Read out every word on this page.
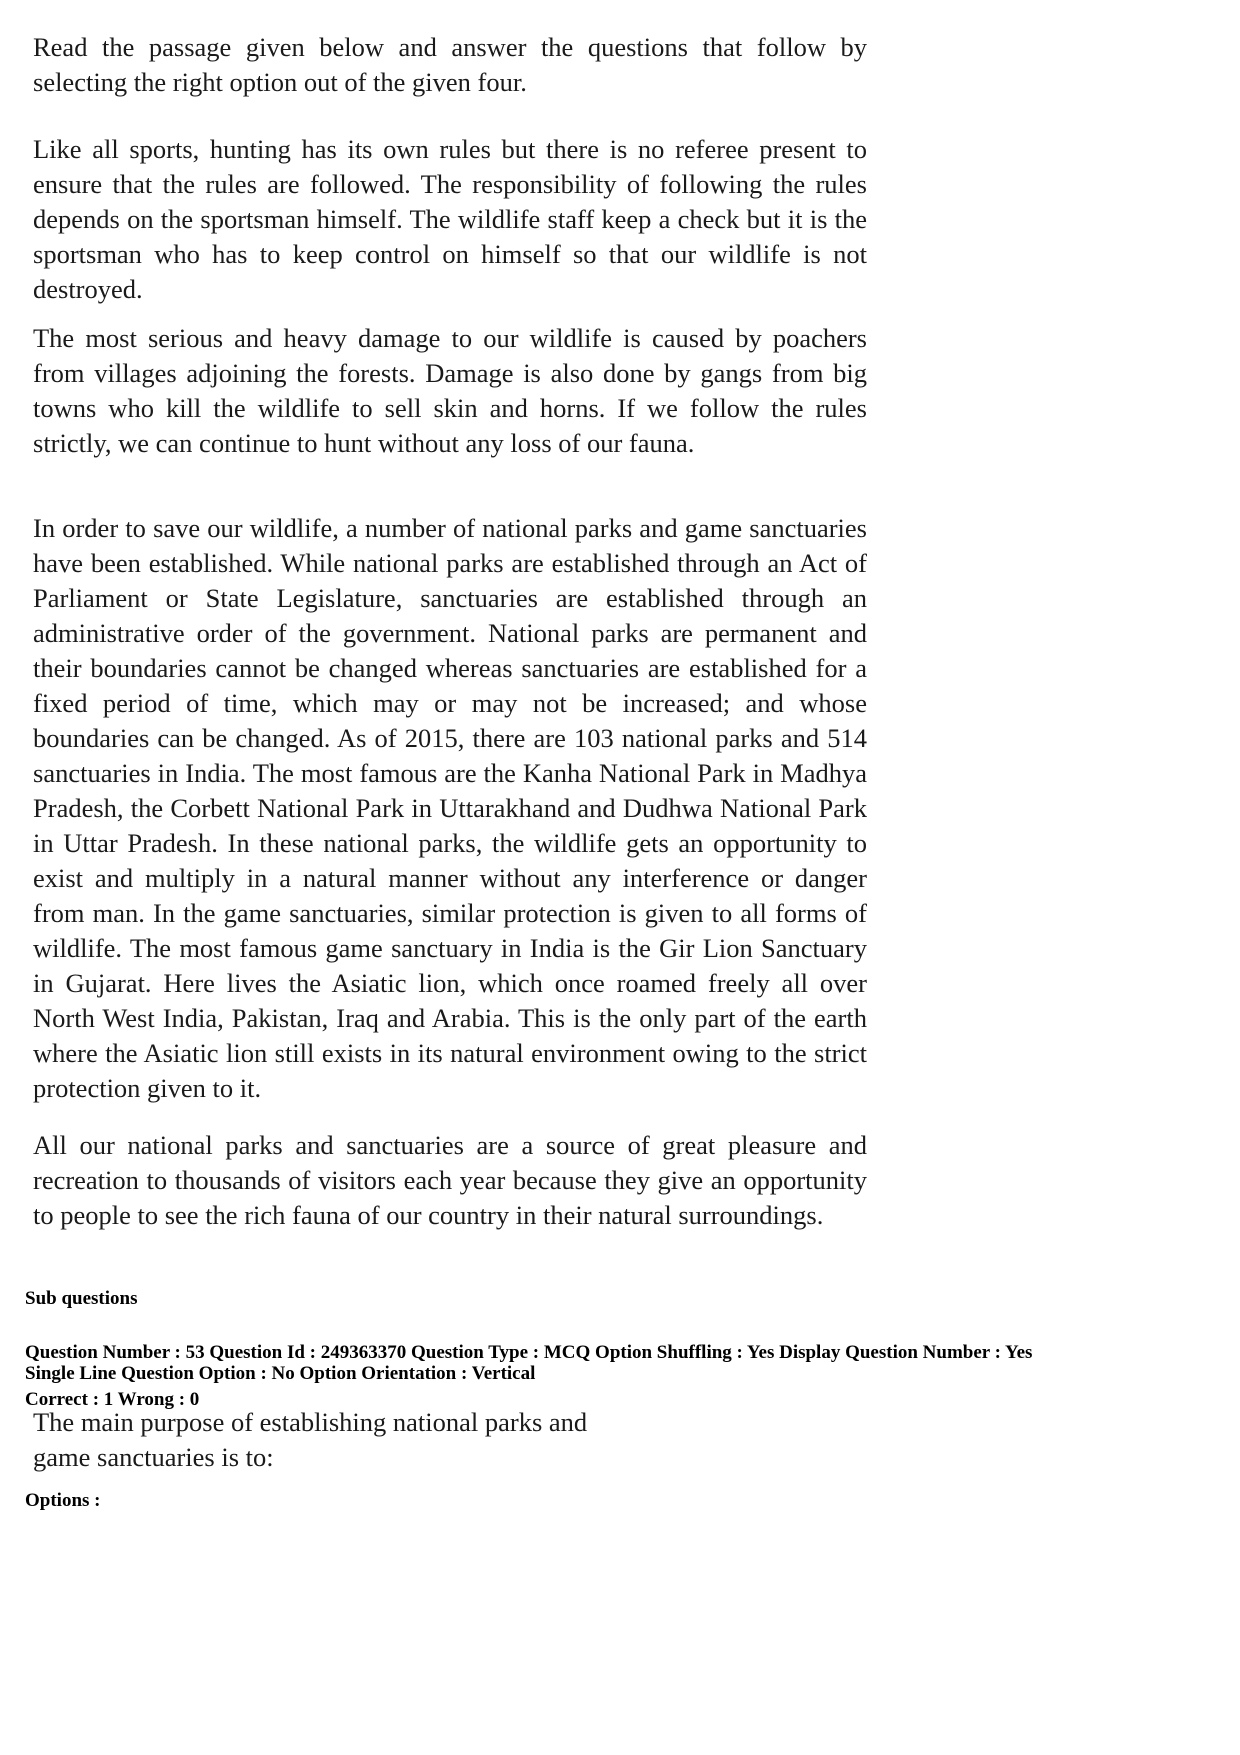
Read the passage given below and answer the questions that follow by selecting the right option out of the given four.

Like all sports, hunting has its own rules but there is no referee present to ensure that the rules are followed. The responsibility of following the rules depends on the sportsman himself. The wildlife staff keep a check but it is the sportsman who has to keep control on himself so that our wildlife is not destroyed.

The most serious and heavy damage to our wildlife is caused by poachers from villages adjoining the forests. Damage is also done by gangs from big towns who kill the wildlife to sell skin and horns. If we follow the rules strictly, we can continue to hunt without any loss of our fauna.

In order to save our wildlife, a number of national parks and game sanctuaries have been established. While national parks are established through an Act of Parliament or State Legislature, sanctuaries are established through an administrative order of the government. National parks are permanent and their boundaries cannot be changed whereas sanctuaries are established for a fixed period of time, which may or may not be increased; and whose boundaries can be changed. As of 2015, there are 103 national parks and 514 sanctuaries in India. The most famous are the Kanha National Park in Madhya Pradesh, the Corbett National Park in Uttarakhand and Dudhwa National Park in Uttar Pradesh. In these national parks, the wildlife gets an opportunity to exist and multiply in a natural manner without any interference or danger from man. In the game sanctuaries, similar protection is given to all forms of wildlife. The most famous game sanctuary in India is the Gir Lion Sanctuary in Gujarat. Here lives the Asiatic lion, which once roamed freely all over North West India, Pakistan, Iraq and Arabia. This is the only part of the earth where the Asiatic lion still exists in its natural environment owing to the strict protection given to it.

All our national parks and sanctuaries are a source of great pleasure and recreation to thousands of visitors each year because they give an opportunity to people to see the rich fauna of our country in their natural surroundings.

Sub questions

Question Number : 53 Question Id : 249363370 Question Type : MCQ Option Shuffling : Yes Display Question Number : Yes

Single Line Question Option : No Option Orientation : Vertical

Correct : 1 Wrong : 0

The main purpose of establishing national parks and game sanctuaries is to:

Options :
